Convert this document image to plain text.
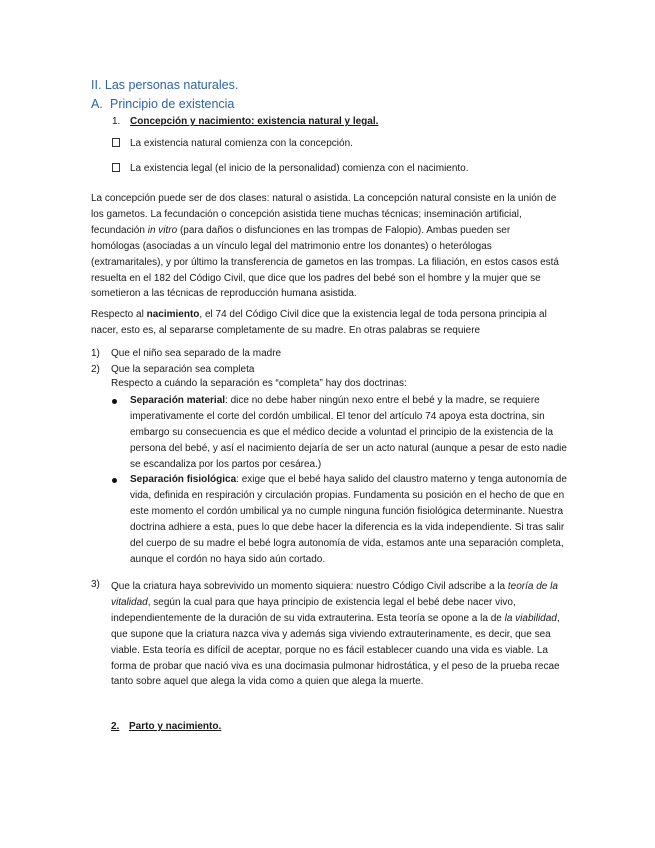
II. Las personas naturales.
A. Principio de existencia
1. Concepción y nacimiento: existencia natural y legal.
La existencia natural comienza con la concepción.
La existencia legal (el inicio de la personalidad) comienza con el nacimiento.

La concepción puede ser de dos clases: natural o asistida. La concepción natural consiste en la unión de los gametos. La fecundación o concepción asistida tiene muchas técnicas; inseminación artificial, fecundación in vitro (para daños o disfunciones en las trompas de Falopio). Ambas pueden ser homólogas (asociadas a un vínculo legal del matrimonio entre los donantes) o heterólogas (extramaritales), y por último la transferencia de gametos en las trompas. La filiación, en estos casos está resuelta en el 182 del Código Civil, que dice que los padres del bebé son el hombre y la mujer que se sometieron a las técnicas de reproducción humana asistida.

Respecto al nacimiento, el 74 del Código Civil dice que la existencia legal de toda persona principia al nacer, esto es, al separarse completamente de su madre. En otras palabras se requiere

1) Que el niño sea separado de la madre
2) Que la separación sea completa
Respecto a cuándo la separación es “completa” hay dos doctrinas:

Separación material: dice no debe haber ningún nexo entre el bebé y la madre, se requiere imperativamente el corte del cordón umbilical. El tenor del artículo 74 apoya esta doctrina, sin embargo su consecuencia es que el médico decide a voluntad el principio de la existencia de la persona del bebé, y así el nacimiento dejaría de ser un acto natural (aunque a pesar de esto nadie se escandaliza por los partos por cesárea.)

Separación fisiológica: exige que el bebé haya salido del claustro materno y tenga autonomía de vida, definida en respiración y circulación propias. Fundamenta su posición en el hecho de que en este momento el cordón umbilical ya no cumple ninguna función fisiológica determinante. Nuestra doctrina adhiere a esta, pues lo que debe hacer la diferencia es la vida independiente. Si tras salir del cuerpo de su madre el bebé logra autonomía de vida, estamos ante una separación completa, aunque el cordón no haya sido aún cortado.

3) Que la criatura haya sobrevivido un momento siquiera: nuestro Código Civil adscribe a la teoría de la vitalidad, según la cual para que haya principio de existencia legal el bebé debe nacer vivo, independientemente de la duración de su vida extrauterina. Esta teoría se opone a la de la viabilidad, que supone que la criatura nazca viva y además siga viviendo extrauterinamente, es decir, que sea viable. Esta teoría es difícil de aceptar, porque no es fácil establecer cuando una vida es viable. La forma de probar que nació viva es una docimasia pulmonar hidrostática, y el peso de la prueba recae tanto sobre aquel que alega la vida como a quien que alega la muerte.

2. Parto y nacimiento.
